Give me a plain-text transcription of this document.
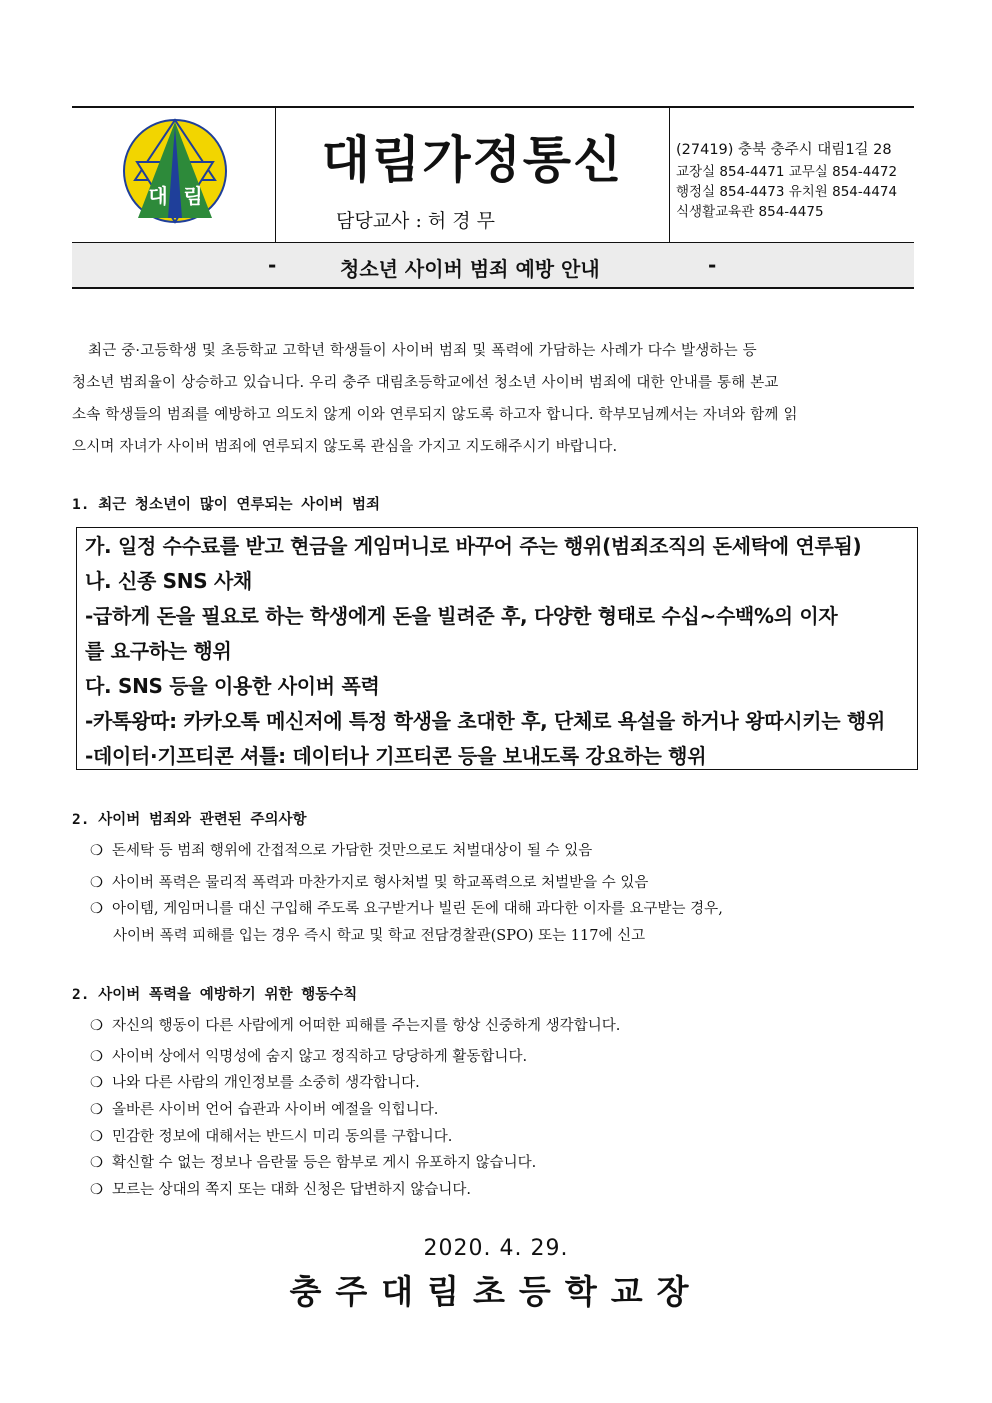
대 림
대림가정통신
담당교사 : 허 경 무
(27419) 충북 충주시 대림1길 28
교장실 854-4471 교무실 854-4472
행정실 854-4473 유치원 854-4474
식생활교육관 854-4475
-	청소년 사이버 범죄 예방 안내	-
최근 중·고등학생 및 초등학교 고학년 학생들이 사이버 범죄 및 폭력에 가담하는 사례가 다수 발생하는 등
청소년 범죄율이 상승하고 있습니다. 우리 충주 대림초등학교에선 청소년 사이버 범죄에 대한 안내를 통해 본교
소속 학생들의 범죄를 예방하고 의도치 않게 이와 연루되지 않도록 하고자 합니다. 학부모님께서는 자녀와 함께 읽
으시며 자녀가 사이버 범죄에 연루되지 않도록 관심을 가지고 지도해주시기 바랍니다.
1. 최근 청소년이 많이 연루되는 사이버 범죄
가. 일정 수수료를 받고 현금을 게임머니로 바꾸어 주는 행위(범죄조직의 돈세탁에 연루됨)
나. 신종 SNS 사채
-급하게 돈을 필요로 하는 학생에게 돈을 빌려준 후, 다양한 형태로 수십~수백%의 이자
를 요구하는 행위
다. SNS 등을 이용한 사이버 폭력
-카톡왕따: 카카오톡 메신저에 특정 학생을 초대한 후, 단체로 욕설을 하거나 왕따시키는 행위
-데이터·기프티콘 셔틀: 데이터나 기프티콘 등을 보내도록 강요하는 행위
2. 사이버 범죄와 관련된 주의사항
❍ 돈세탁 등 범죄 행위에 간접적으로 가담한 것만으로도 처벌대상이 될 수 있음
❍ 사이버 폭력은 물리적 폭력과 마찬가지로 형사처벌 및 학교폭력으로 처벌받을 수 있음
❍ 아이템, 게임머니를 대신 구입해 주도록 요구받거나 빌린 돈에 대해 과다한 이자를 요구받는 경우,
사이버 폭력 피해를 입는 경우 즉시 학교 및 학교 전담경찰관(SPO) 또는 117에 신고
2. 사이버 폭력을 예방하기 위한 행동수칙
❍ 자신의 행동이 다른 사람에게 어떠한 피해를 주는지를 항상 신중하게 생각합니다.
❍ 사이버 상에서 익명성에 숨지 않고 정직하고 당당하게 활동합니다.
❍ 나와 다른 사람의 개인정보를 소중히 생각합니다.
❍ 올바른 사이버 언어 습관과 사이버 예절을 익힙니다.
❍ 민감한 정보에 대해서는 반드시 미리 동의를 구합니다.
❍ 확신할 수 없는 정보나 음란물 등은 함부로 게시 유포하지 않습니다.
❍ 모르는 상대의 쪽지 또는 대화 신청은 답변하지 않습니다.
2020. 4. 29.
충주대림초등학교장
